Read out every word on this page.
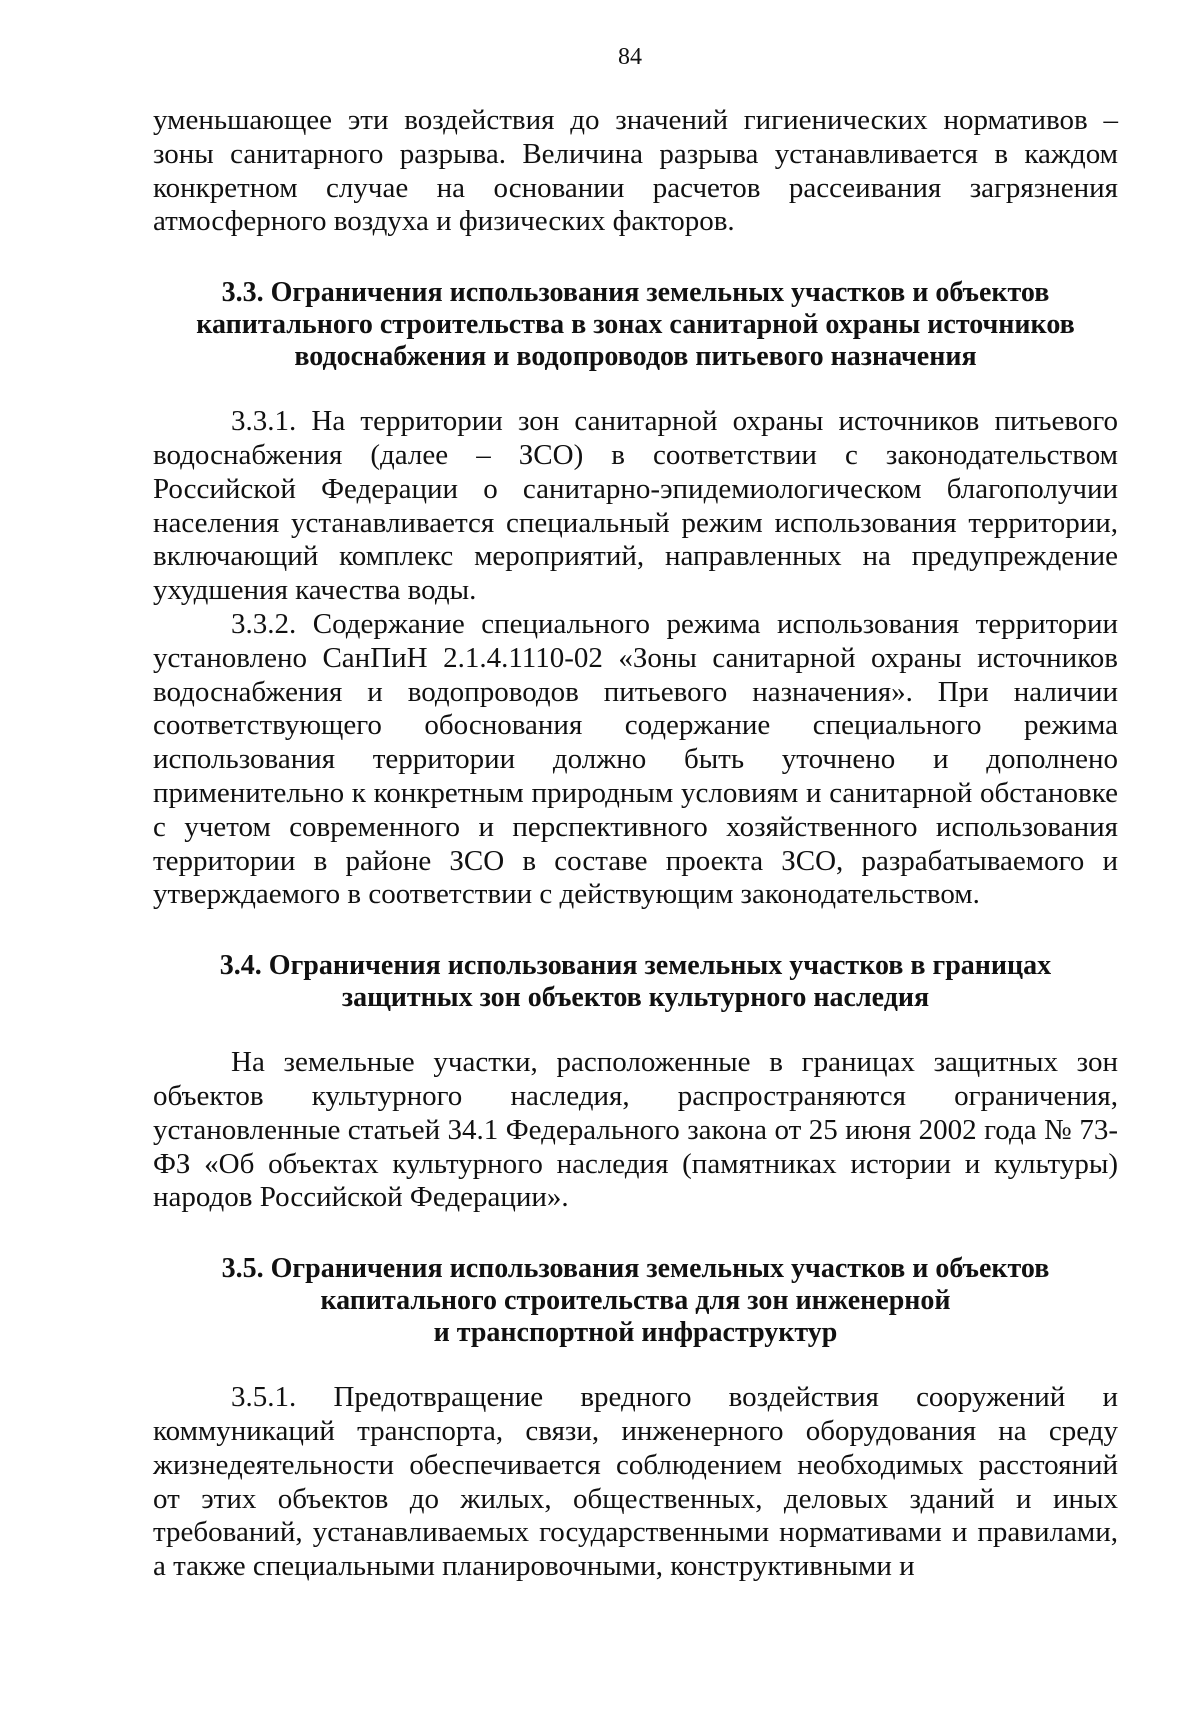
84

уменьшающее эти воздействия до значений гигиенических нормативов – зоны санитарного разрыва. Величина разрыва устанавливается в каждом конкретном случае на основании расчетов рассеивания загрязнения атмосферного воздуха и физических факторов.

3.3. Ограничения использования земельных участков и объектов
капитального строительства в зонах санитарной охраны источников
водоснабжения и водопроводов питьевого назначения

3.3.1. На территории зон санитарной охраны источников питьевого водоснабжения (далее – ЗСО) в соответствии с законодательством Российской Федерации о санитарно-эпидемиологическом благополучии населения устанавливается специальный режим использования территории, включающий комплекс мероприятий, направленных на предупреждение ухудшения качества воды.

3.3.2. Содержание специального режима использования территории установлено СанПиН 2.1.4.1110-02 «Зоны санитарной охраны источников водоснабжения и водопроводов питьевого назначения». При наличии соответствующего обоснования содержание специального режима использования территории должно быть уточнено и дополнено применительно к конкретным природным условиям и санитарной обстановке с учетом современного и перспективного хозяйственного использования территории в районе ЗСО в составе проекта ЗСО, разрабатываемого и утверждаемого в соответствии с действующим законодательством.

3.4. Ограничения использования земельных участков в границах
защитных зон объектов культурного наследия

На земельные участки, расположенные в границах защитных зон объектов культурного наследия, распространяются ограничения, установленные статьей 34.1 Федерального закона от 25 июня 2002 года № 73-ФЗ «Об объектах культурного наследия (памятниках истории и культуры) народов Российской Федерации».

3.5. Ограничения использования земельных участков и объектов
капитального строительства для зон инженерной
и транспортной инфраструктур

3.5.1. Предотвращение вредного воздействия сооружений и коммуникаций транспорта, связи, инженерного оборудования на среду жизнедеятельности обеспечивается соблюдением необходимых расстояний от этих объектов до жилых, общественных, деловых зданий и иных требований, устанавливаемых государственными нормативами и правилами, а также специальными планировочными, конструктивными и
